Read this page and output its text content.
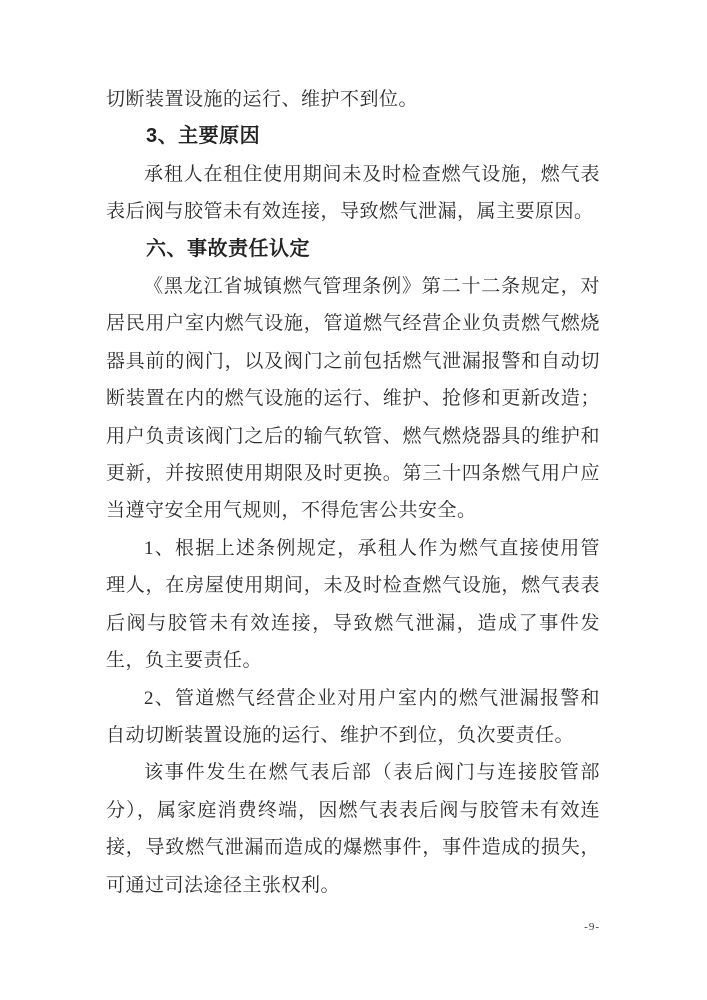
切断装置设施的运行、维护不到位。

3、主要原因

承租人在租住使用期间未及时检查燃气设施，燃气表表后阀与胶管未有效连接，导致燃气泄漏，属主要原因。

六、事故责任认定

《黑龙江省城镇燃气管理条例》第二十二条规定，对居民用户室内燃气设施，管道燃气经营企业负责燃气燃烧器具前的阀门，以及阀门之前包括燃气泄漏报警和自动切断装置在内的燃气设施的运行、维护、抢修和更新改造；用户负责该阀门之后的输气软管、燃气燃烧器具的维护和更新，并按照使用期限及时更换。第三十四条燃气用户应当遵守安全用气规则，不得危害公共安全。

1、根据上述条例规定，承租人作为燃气直接使用管理人，在房屋使用期间，未及时检查燃气设施，燃气表表后阀与胶管未有效连接，导致燃气泄漏，造成了事件发生，负主要责任。

2、管道燃气经营企业对用户室内的燃气泄漏报警和自动切断装置设施的运行、维护不到位，负次要责任。

该事件发生在燃气表后部（表后阀门与连接胶管部分），属家庭消费终端，因燃气表表后阀与胶管未有效连接，导致燃气泄漏而造成的爆燃事件，事件造成的损失，可通过司法途径主张权利。

-9-
